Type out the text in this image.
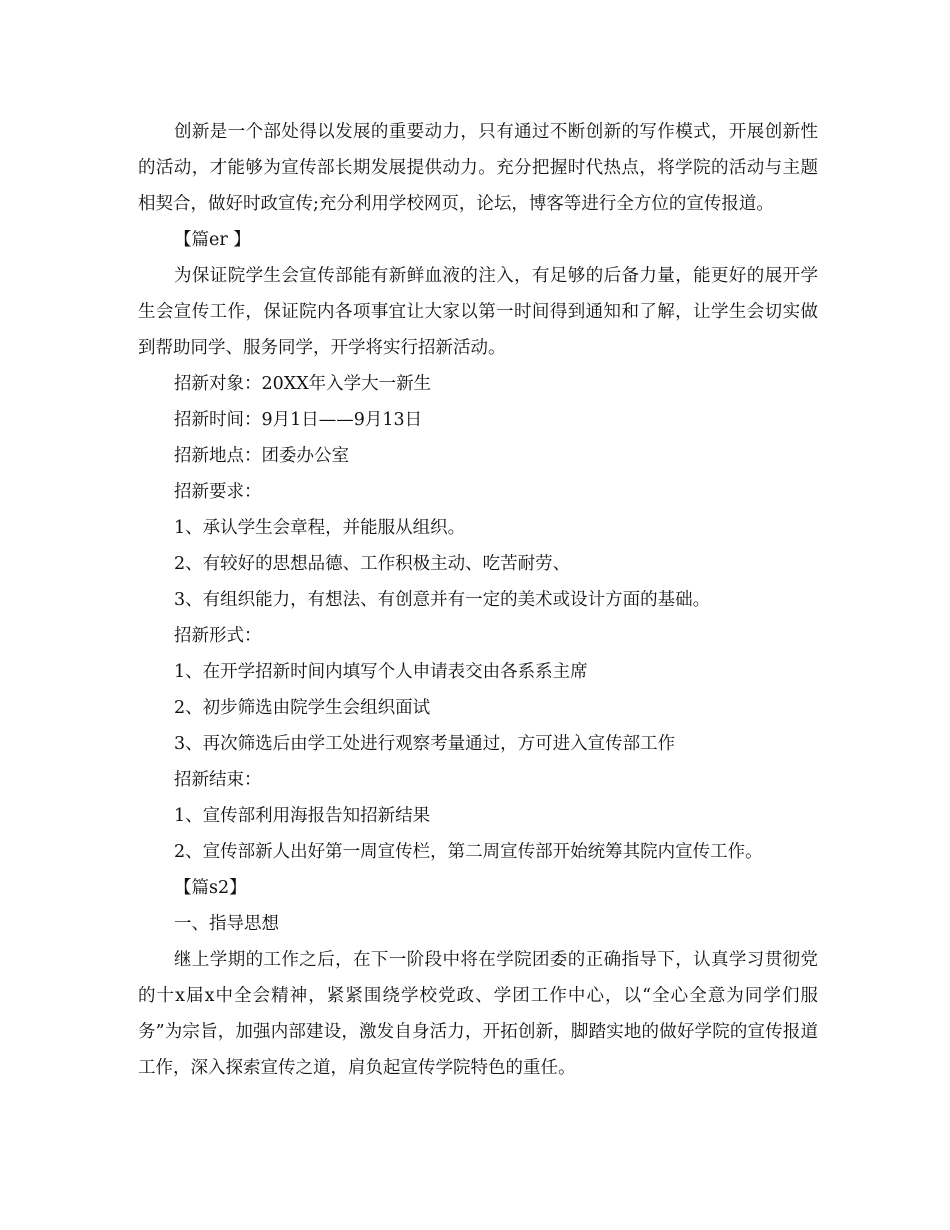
创新是一个部处得以发展的重要动力，只有通过不断创新的写作模式，开展创新性的活动，才能够为宣传部长期发展提供动力。充分把握时代热点，将学院的活动与主题相契合，做好时政宣传;充分利用学校网页，论坛，博客等进行全方位的宣传报道。

【篇er 】

为保证院学生会宣传部能有新鲜血液的注入，有足够的后备力量，能更好的展开学生会宣传工作，保证院内各项事宜让大家以第一时间得到通知和了解，让学生会切实做到帮助同学、服务同学，开学将实行招新活动。

招新对象：20XX年入学大一新生

招新时间：9月1日——9月13日

招新地点：团委办公室

招新要求：

1、承认学生会章程，并能服从组织。

2、有较好的思想品德、工作积极主动、吃苦耐劳、

3、有组织能力，有想法、有创意并有一定的美术或设计方面的基础。

招新形式：

1、在开学招新时间内填写个人申请表交由各系系主席

2、初步筛选由院学生会组织面试

3、再次筛选后由学工处进行观察考量通过，方可进入宣传部工作

招新结束：

1、宣传部利用海报告知招新结果

2、宣传部新人出好第一周宣传栏，第二周宣传部开始统筹其院内宣传工作。

【篇s2】

一、指导思想

继上学期的工作之后，在下一阶段中将在学院团委的正确指导下，认真学习贯彻党的十x届x中全会精神，紧紧围绕学校党政、学团工作中心，以“全心全意为同学们服务”为宗旨，加强内部建设，激发自身活力，开拓创新，脚踏实地的做好学院的宣传报道工作，深入探索宣传之道，肩负起宣传学院特色的重任。
